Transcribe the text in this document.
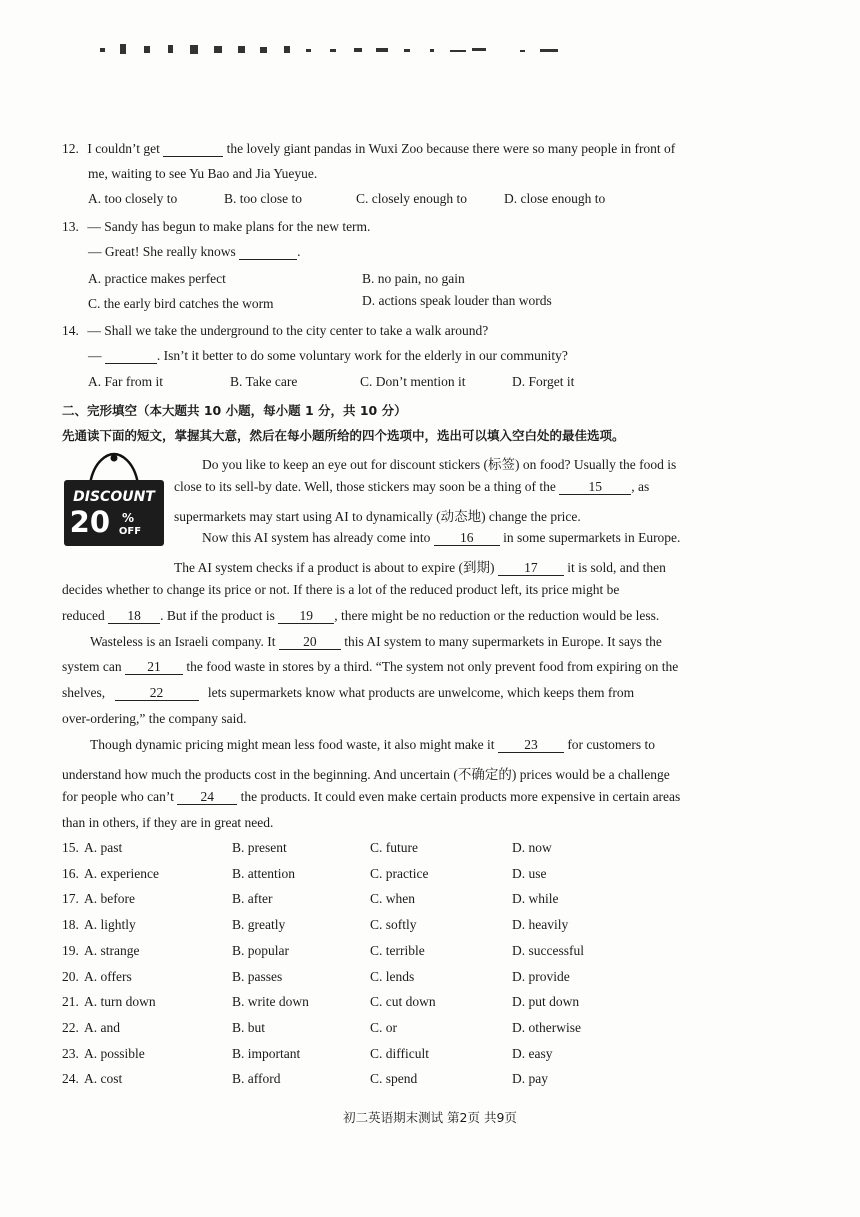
12. I couldn’t get	the lovely giant pandas in Wuxi Zoo because there were so many people in front of
me, waiting to see Yu Bao and Jia Yueyue.
A. too closely to	B. too close to	C. closely enough to	D. close enough to
13. — Sandy has begun to make plans for the new term.
— Great! She really knows	.
A. practice makes perfect	B. no pain, no gain
C. the early bird catches the worm	D. actions speak louder than words
14. — Shall we take the underground to the city center to take a walk around?
—	. Isn’t it better to do some voluntary work for the elderly in our community?
A. Far from it	B. Take care	C. Don’t mention it	D. Forget it
二、完形填空（本大题共 10 小题，每小题 1 分，共 10 分）
先通读下面的短文，掌握其大意，然后在每小题所给的四个选项中，选出可以填入空白处的最佳选项。
DISCOUNT
20 %
OFF
Do you like to keep an eye out for discount stickers (标签) on food? Usually the food is
close to its sell-by date. Well, those stickers may soon be a thing of the 15 , as
supermarkets may start using AI to dynamically (动态地) change the price.
Now this AI system has already come into 16 in some supermarkets in Europe.
The AI system checks if a product is about to expire (到期) 17 it is sold, and then
decides whether to change its price or not. If there is a lot of the reduced product left, its price might be
reduced 18 . But if the product is 19 , there might be no reduction or the reduction would be less.
Wasteless is an Israeli company. It 20 this AI system to many supermarkets in Europe. It says the
system can 21 the food waste in stores by a third. “The system not only prevent food from expiring on the
shelves,	22	lets supermarkets know what products are unwelcome, which keeps them from
over-ordering,” the company said.
Though dynamic pricing might mean less food waste, it also might make it 23 for customers to
understand how much the products cost in the beginning. And uncertain (不确定的) prices would be a challenge
for people who can’t 24 the products. It could even make certain products more expensive in certain areas
than in others, if they are in great need.
15. A. past	B. present	C. future	D. now
16. A. experience	B. attention	C. practice	D. use
17. A. before	B. after	C. when	D. while
18. A. lightly	B. greatly	C. softly	D. heavily
19. A. strange	B. popular	C. terrible	D. successful
20. A. offers	B. passes	C. lends	D. provide
21. A. turn down	B. write down	C. cut down	D. put down
22. A. and	B. but	C. or	D. otherwise
23. A. possible	B. important	C. difficult	D. easy
24. A. cost	B. afford	C. spend	D. pay
初二英语期末测试 第2页 共9页
